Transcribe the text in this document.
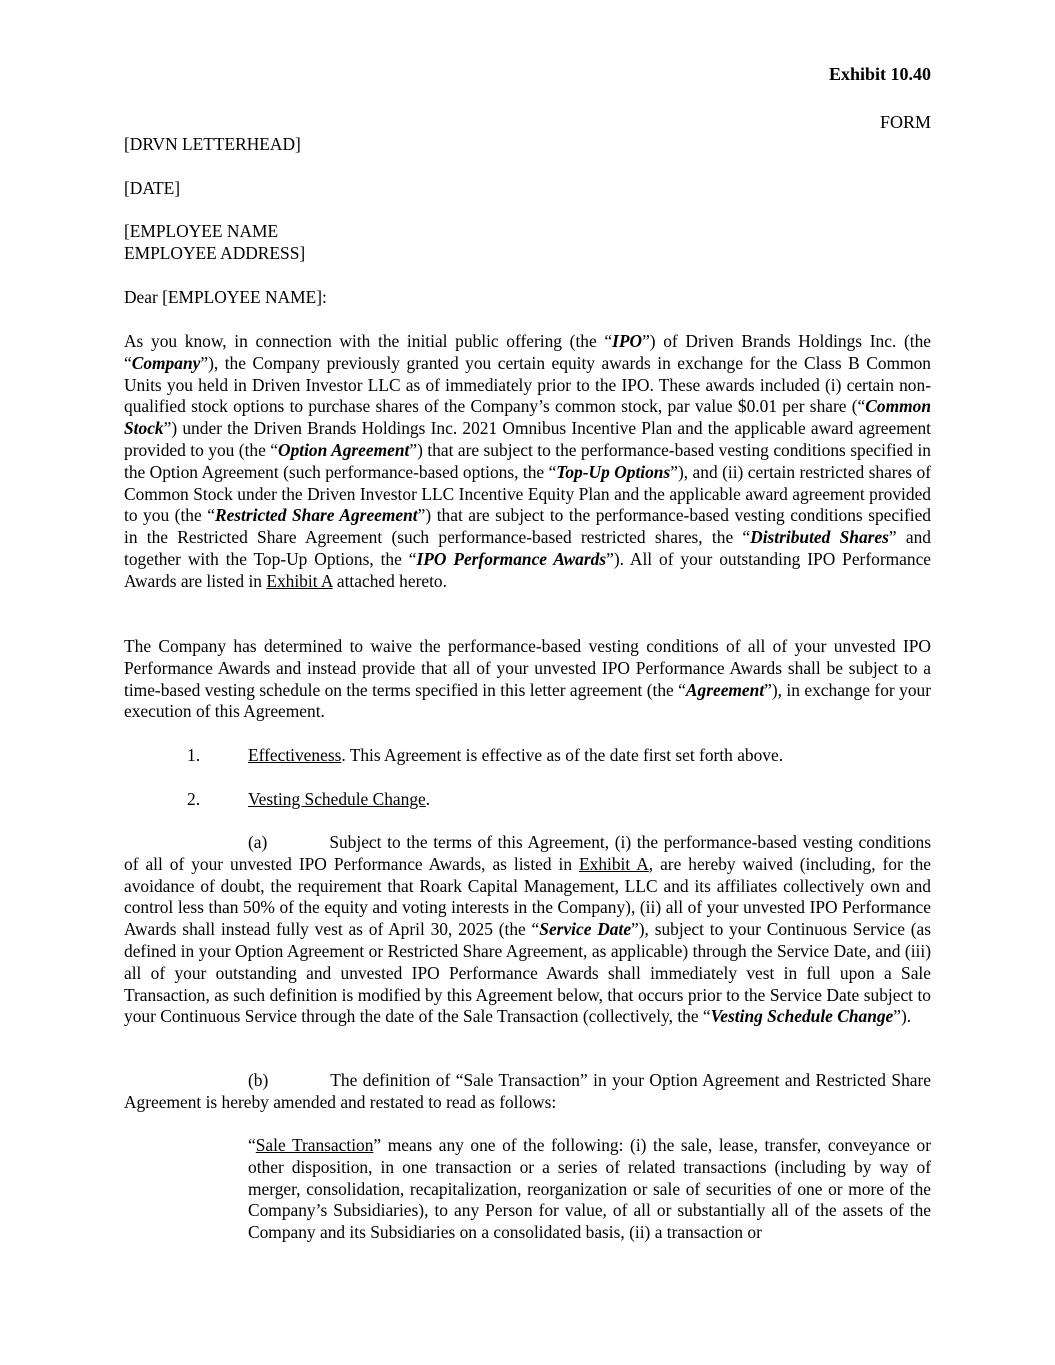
Exhibit 10.40
FORM
[DRVN LETTERHEAD]
[DATE]
[EMPLOYEE NAME
EMPLOYEE ADDRESS]
Dear [EMPLOYEE NAME]:

As you know, in connection with the initial public offering (the “IPO”) of Driven Brands Holdings Inc. (the “Company”), the Company previously granted you certain equity awards in exchange for the Class B Common Units you held in Driven Investor LLC as of immediately prior to the IPO. These awards included (i) certain non-qualified stock options to purchase shares of the Company’s common stock, par value $0.01 per share (“Common Stock”) under the Driven Brands Holdings Inc. 2021 Omnibus Incentive Plan and the applicable award agreement provided to you (the “Option Agreement”) that are subject to the performance-based vesting conditions specified in the Option Agreement (such performance-based options, the “Top-Up Options”), and (ii) certain restricted shares of Common Stock under the Driven Investor LLC Incentive Equity Plan and the applicable award agreement provided to you (the “Restricted Share Agreement”) that are subject to the performance-based vesting conditions specified in the Restricted Share Agreement (such performance-based restricted shares, the “Distributed Shares” and together with the Top-Up Options, the “IPO Performance Awards”). All of your outstanding IPO Performance Awards are listed in Exhibit A attached hereto.

The Company has determined to waive the performance-based vesting conditions of all of your unvested IPO Performance Awards and instead provide that all of your unvested IPO Performance Awards shall be subject to a time-based vesting schedule on the terms specified in this letter agreement (the “Agreement”), in exchange for your execution of this Agreement.

1.	Effectiveness. This Agreement is effective as of the date first set forth above.
2.	Vesting Schedule Change.

(a)	Subject to the terms of this Agreement, (i) the performance-based vesting conditions of all of your unvested IPO Performance Awards, as listed in Exhibit A, are hereby waived (including, for the avoidance of doubt, the requirement that Roark Capital Management, LLC and its affiliates collectively own and control less than 50% of the equity and voting interests in the Company), (ii) all of your unvested IPO Performance Awards shall instead fully vest as of April 30, 2025 (the “Service Date”), subject to your Continuous Service (as defined in your Option Agreement or Restricted Share Agreement, as applicable) through the Service Date, and (iii) all of your outstanding and unvested IPO Performance Awards shall immediately vest in full upon a Sale Transaction, as such definition is modified by this Agreement below, that occurs prior to the Service Date subject to your Continuous Service through the date of the Sale Transaction (collectively, the “Vesting Schedule Change”).

(b)	The definition of “Sale Transaction” in your Option Agreement and Restricted Share Agreement is hereby amended and restated to read as follows:

“Sale Transaction” means any one of the following: (i) the sale, lease, transfer, conveyance or other disposition, in one transaction or a series of related transactions (including by way of merger, consolidation, recapitalization, reorganization or sale of securities of one or more of the Company’s Subsidiaries), to any Person for value, of all or substantially all of the assets of the Company and its Subsidiaries on a consolidated basis, (ii) a transaction or
